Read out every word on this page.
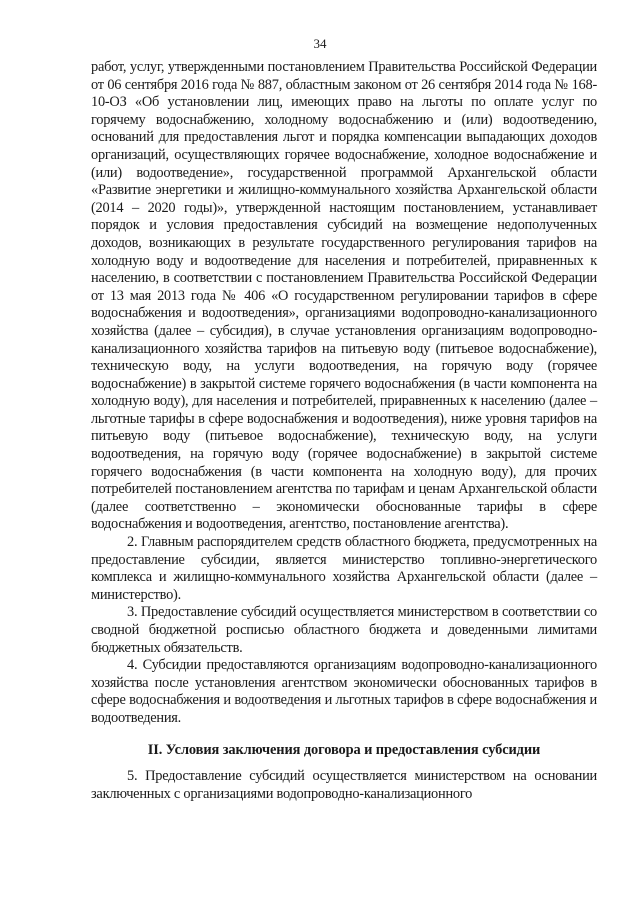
34

работ, услуг, утвержденными постановлением Правительства Российской Федерации от 06 сентября 2016 года № 887, областным законом от 26 сентября 2014 года № 168-10-ОЗ «Об установлении лиц, имеющих право на льготы по оплате услуг по горячему водоснабжению, холодному водоснабжению и (или) водоотведению, оснований для предоставления льгот и порядка компенсации выпадающих доходов организаций, осуществляющих горячее водоснабжение, холодное водоснабжение и (или) водоотведение», государственной программой Архангельской области «Развитие энергетики и жилищно-коммунального хозяйства Архангельской области (2014 – 2020 годы)», утвержденной настоящим постановлением, устанавливает порядок и условия предоставления субсидий на возмещение недополученных доходов, возникающих в результате государственного регулирования тарифов на холодную воду и водоотведение для населения и потребителей, приравненных к населению, в соответствии с постановлением Правительства Российской Федерации от 13 мая 2013 года № 406 «О государственном регулировании тарифов в сфере водоснабжения и водоотведения», организациями водопроводно-канализационного хозяйства (далее – субсидия), в случае установления организациям водопроводно-канализационного хозяйства тарифов на питьевую воду (питьевое водоснабжение), техническую воду, на услуги водоотведения, на горячую воду (горячее водоснабжение) в закрытой системе горячего водоснабжения (в части компонента на холодную воду), для населения и потребителей, приравненных к населению (далее – льготные тарифы в сфере водоснабжения и водоотведения), ниже уровня тарифов на питьевую воду (питьевое водоснабжение), техническую воду, на услуги водоотведения, на горячую воду (горячее водоснабжение) в закрытой системе горячего водоснабжения (в части компонента на холодную воду), для прочих потребителей постановлением агентства по тарифам и ценам Архангельской области (далее соответственно – экономически обоснованные тарифы в сфере водоснабжения и водоотведения, агентство, постановление агентства).

2. Главным распорядителем средств областного бюджета, предусмотренных на предоставление субсидии, является министерство топливно-энергетического комплекса и жилищно-коммунального хозяйства Архангельской области (далее – министерство).

3. Предоставление субсидий осуществляется министерством в соответствии со сводной бюджетной росписью областного бюджета и доведенными лимитами бюджетных обязательств.

4. Субсидии предоставляются организациям водопроводно-канализационного хозяйства после установления агентством экономически обоснованных тарифов в сфере водоснабжения и водоотведения и льготных тарифов в сфере водоснабжения и водоотведения.

II. Условия заключения договора и предоставления субсидии

5. Предоставление субсидий осуществляется министерством на основании заключенных с организациями водопроводно-канализационного
